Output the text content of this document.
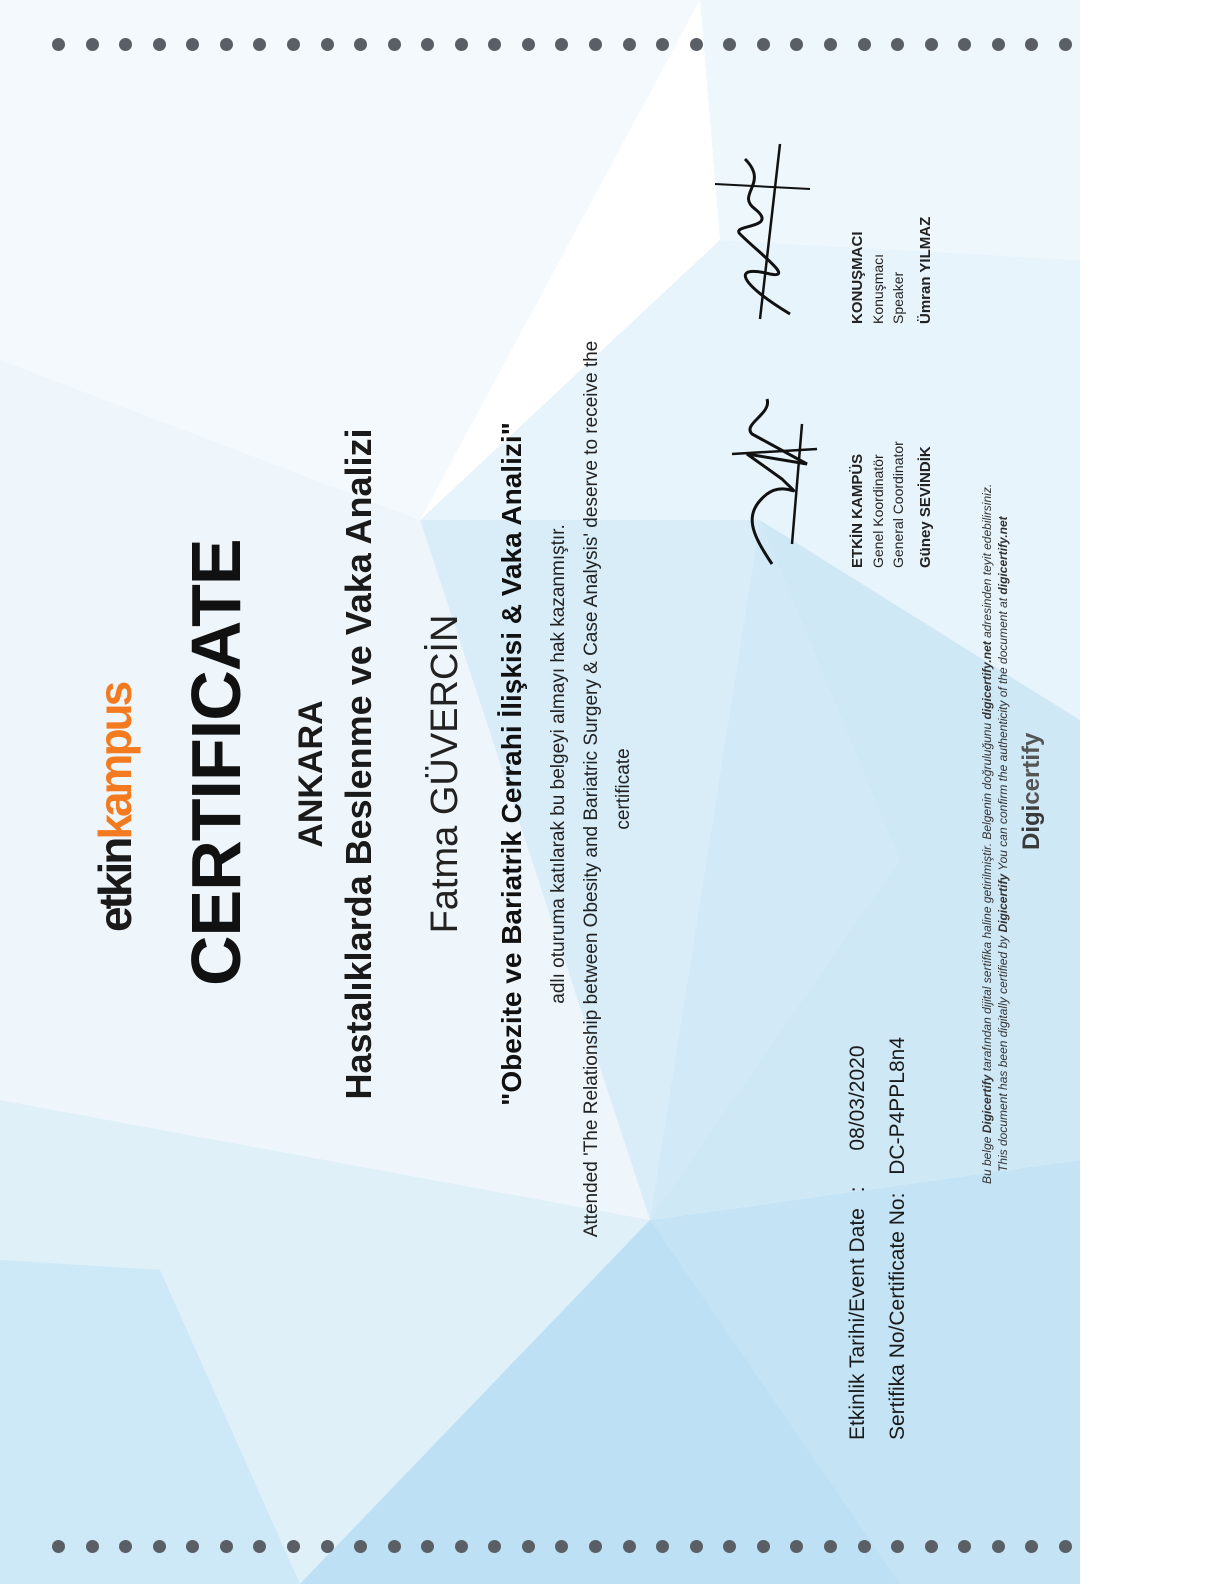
etkinkampus CERTIFICATE ANKARA Hastalıklarda Beslenme ve Vaka Analizi Fatma GÜVERCİN "Obezite ve Bariatrik Cerrahi İlişkisi & Vaka Analizi" adlı oturuma katılarak bu belgeyi almayı hak kazanmıştır. Attended 'The Relationship between Obesity and Bariatric Surgery & Case Analysis' deserve to receive the certificate
Etkinlik Tarihi/Event Date : 08/03/2020
Sertifika No/Certificate No: DC-P4PPL8n4
ETKİN KAMPÜS Genel Koordinatör General Coordinator Güney SEVİNDİK
KONUŞMACI Konuşmacı Speaker Ümran YILMAZ
Bu belge Digicertify tarafından dijital sertifika haline getirilmiştir. Belgenin doğruluğunu digicertify.net adresinden teyit edebilirsiniz.
This document has been digitally certified by Digicertify You can confirm the authenticity of the document at digicertify.net
Digicertify
